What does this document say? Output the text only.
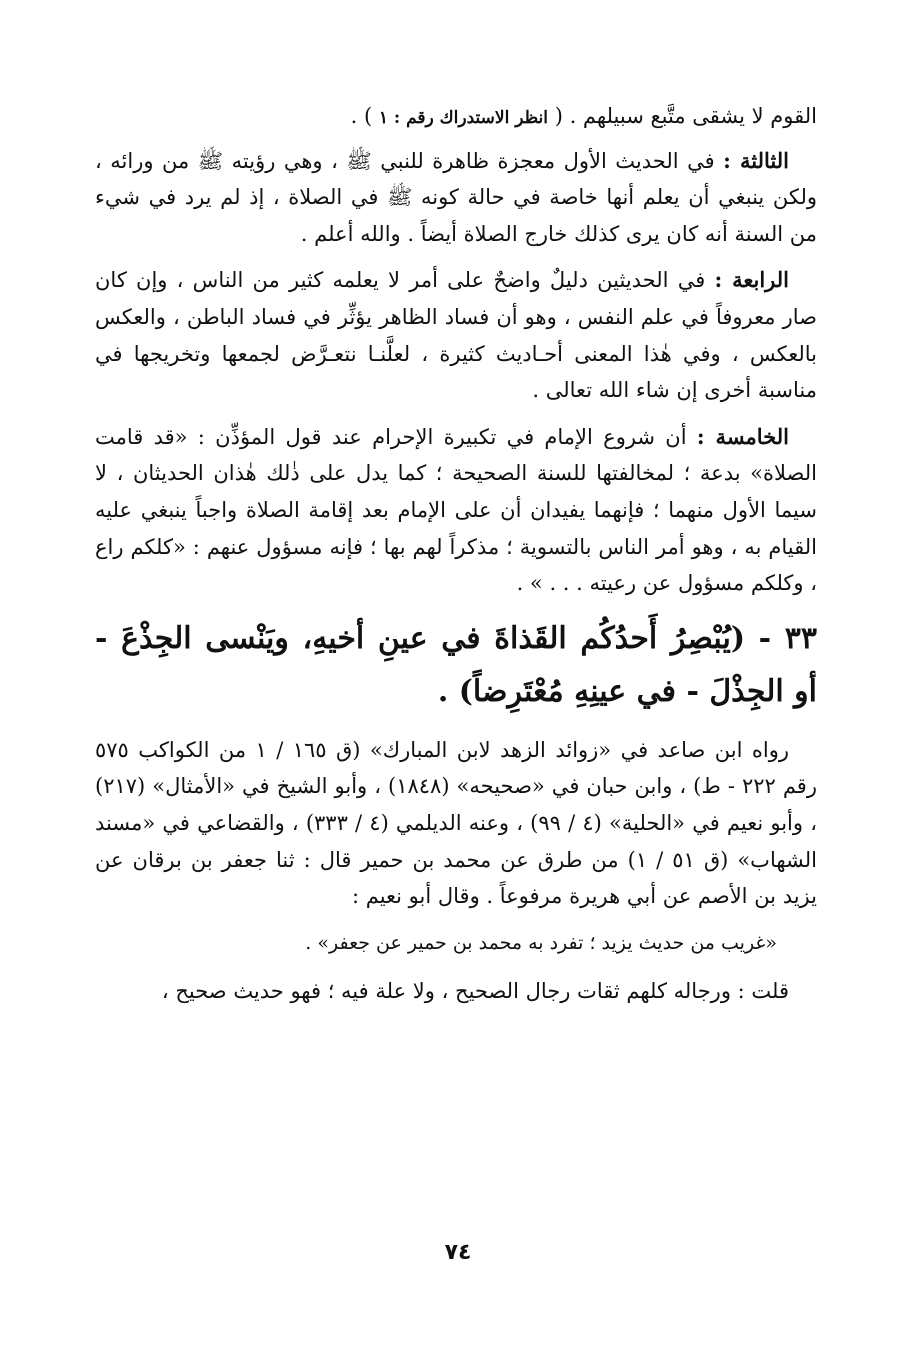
القوم لا يشقى متَّبع سبيلهم . ( انظر الاستدراك رقم : ١ ) .

الثالثة : في الحديث الأول معجزة ظاهرة للنبي ﷺ ، وهي رؤيته ﷺ من ورائه ، ولكن ينبغي أن يعلم أنها خاصة في حالة كونه ﷺ في الصلاة ، إذ لم يرد في شيء من السنة أنه كان يرى كذلك خارج الصلاة أيضاً . والله أعلم .

الرابعة : في الحديثين دليلٌ واضحٌ على أمر لا يعلمه كثير من الناس ، وإن كان صار معروفاً في علم النفس ، وهو أن فساد الظاهر يؤثِّر في فساد الباطن ، والعكس بالعكس ، وفي هٰذا المعنى أحـاديث كثيرة ، لعلَّنـا نتعـرَّض لجمعها وتخريجها في مناسبة أخرى إن شاء الله تعالى .

الخامسة : أن شروع الإمام في تكبيرة الإحرام عند قول المؤذِّن : «قد قامت الصلاة» بدعة ؛ لمخالفتها للسنة الصحيحة ؛ كما يدل على ذٰلك هٰذان الحديثان ، لا سيما الأول منهما ؛ فإنهما يفيدان أن على الإمام بعد إقامة الصلاة واجباً ينبغي عليه القيام به ، وهو أمر الناس بالتسوية ؛ مذكراً لهم بها ؛ فإنه مسؤول عنهم : «كلكم راع ، وكلكم مسؤول عن رعيته . . . » .

٣٣ - (يُبْصِرُ أَحدُكُم القَذاةَ في عينِ أخيهِ، ويَنْسى الجِذْعَ - أو الجِذْلَ - في عينِهِ مُعْتَرِضاً) .

رواه ابن صاعد في «زوائد الزهد لابن المبارك» (ق ١٦٥ / ١ من الكواكب ٥٧٥ رقم ٢٢٢ - ط) ، وابن حبان في «صحيحه» (١٨٤٨) ، وأبو الشيخ في «الأمثال» (٢١٧) ، وأبو نعيم في «الحلية» (٤ / ٩٩) ، وعنه الديلمي (٤ / ٣٣٣) ، والقضاعي في «مسند الشهاب» (ق ٥١ / ١) من طرق عن محمد بن حمير قال : ثنا جعفر بن برقان عن يزيد بن الأصم عن أبي هريرة مرفوعاً . وقال أبو نعيم :

«غريب من حديث يزيد ؛ تفرد به محمد بن حمير عن جعفر» .

قلت : ورجاله كلهم ثقات رجال الصحيح ، ولا علة فيه ؛ فهو حديث صحيح ،

٧٤
